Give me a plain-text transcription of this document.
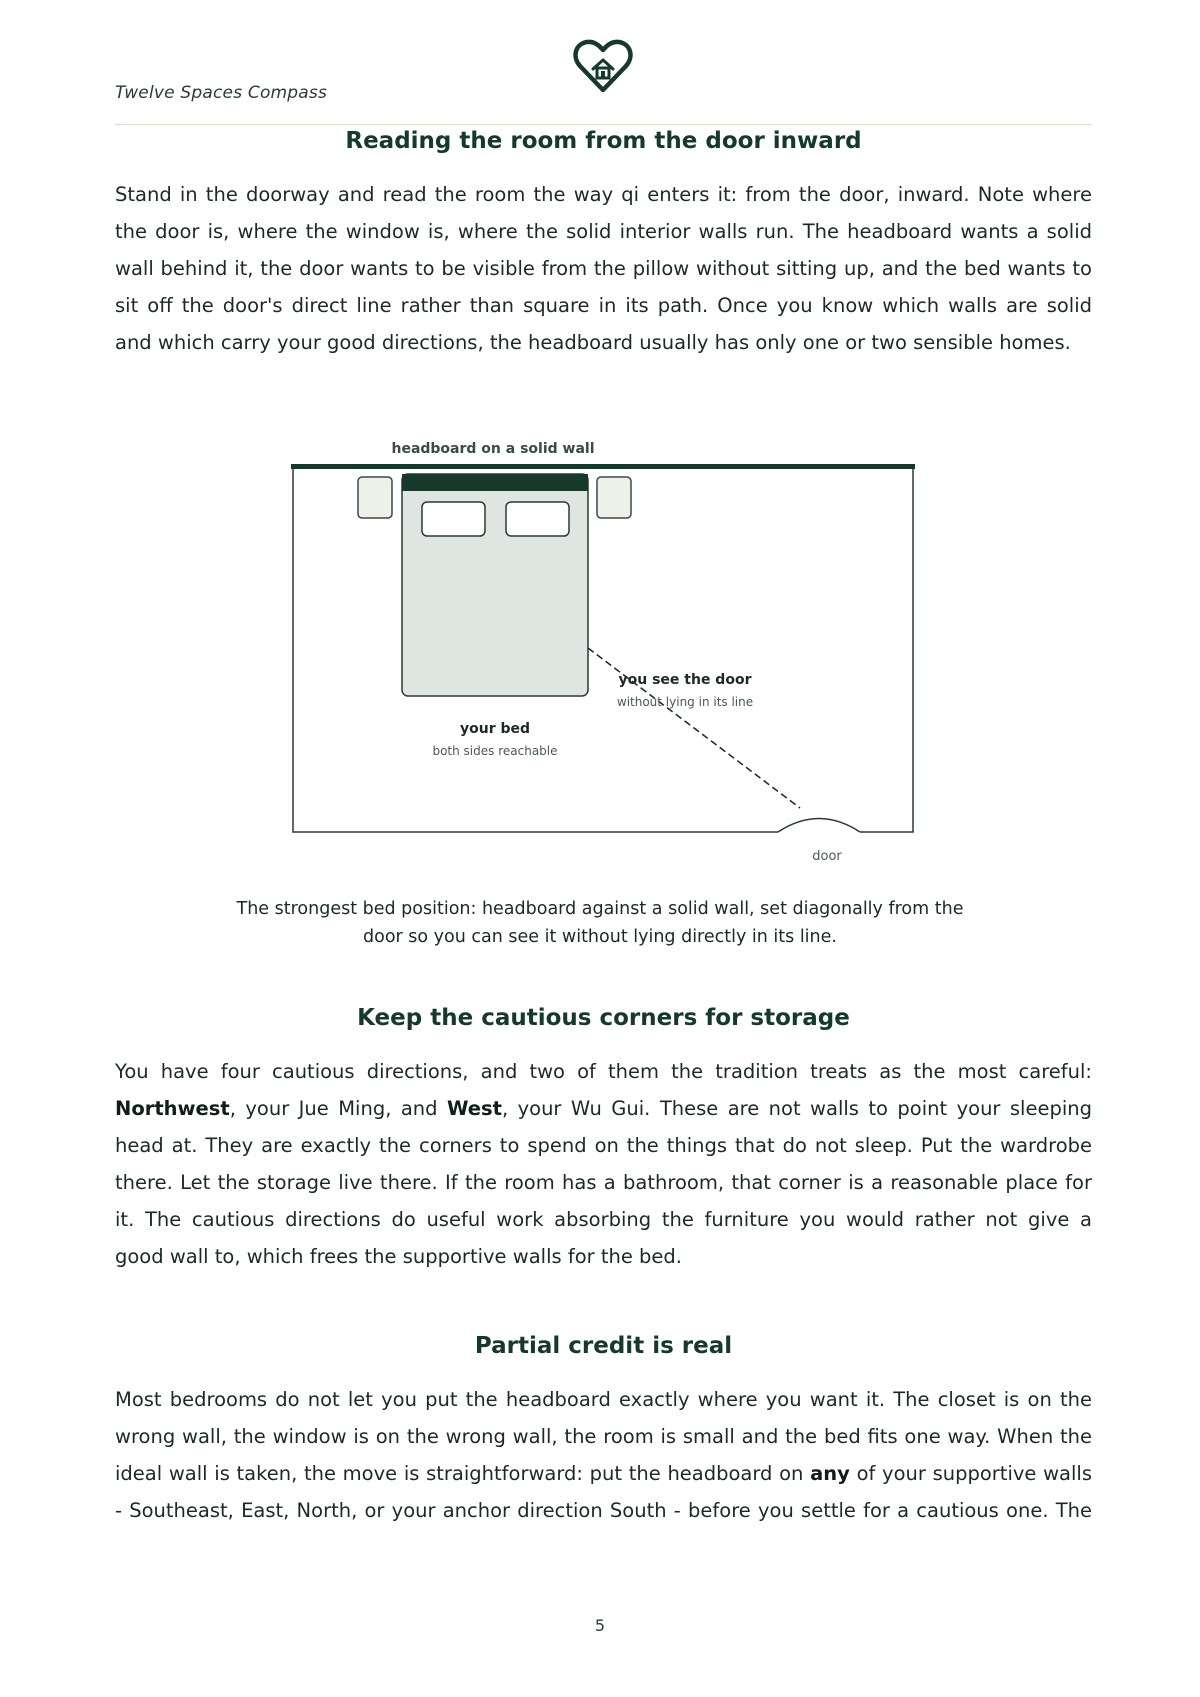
Twelve Spaces Compass
Reading the room from the door inward
Stand in the doorway and read the room the way qi enters it: from the door, inward. Note where
the door is, where the window is, where the solid interior walls run. The headboard wants a solid
wall behind it, the door wants to be visible from the pillow without sitting up, and the bed wants to
sit off the door's direct line rather than square in its path. Once you know which walls are solid
and which carry your good directions, the headboard usually has only one or two sensible homes.
headboard on a solid wall
you see the door
without lying in its line
your bed
both sides reachable
door

The strongest bed position: headboard against a solid wall, set diagonally from the
door so you can see it without lying directly in its line.

Keep the cautious corners for storage
You have four cautious directions, and two of them the tradition treats as the most careful:
Northwest, your Jue Ming, and West, your Wu Gui. These are not walls to point your sleeping
head at. They are exactly the corners to spend on the things that do not sleep. Put the wardrobe
there. Let the storage live there. If the room has a bathroom, that corner is a reasonable place for
it. The cautious directions do useful work absorbing the furniture you would rather not give a
good wall to, which frees the supportive walls for the bed.
Partial credit is real
Most bedrooms do not let you put the headboard exactly where you want it. The closet is on the
wrong wall, the window is on the wrong wall, the room is small and the bed fits one way. When the
ideal wall is taken, the move is straightforward: put the headboard on any of your supportive walls
- Southeast, East, North, or your anchor direction South - before you settle for a cautious one. The
5
